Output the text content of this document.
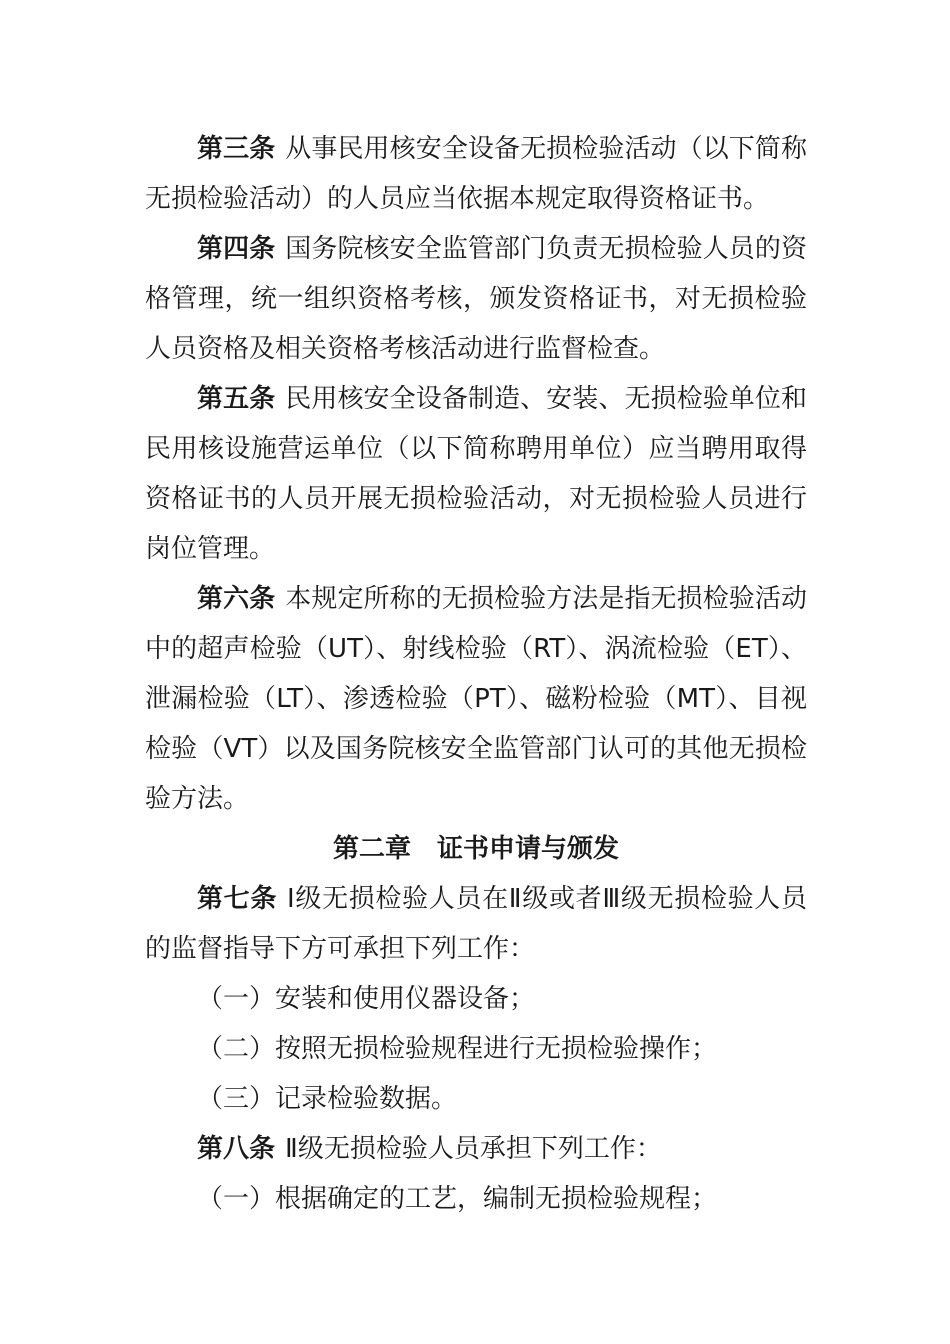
第三条 从事民用核安全设备无损检验活动（以下简称无损检验活动）的人员应当依据本规定取得资格证书。

第四条 国务院核安全监管部门负责无损检验人员的资格管理，统一组织资格考核，颁发资格证书，对无损检验人员资格及相关资格考核活动进行监督检查。

第五条 民用核安全设备制造、安装、无损检验单位和民用核设施营运单位（以下简称聘用单位）应当聘用取得资格证书的人员开展无损检验活动，对无损检验人员进行岗位管理。

第六条 本规定所称的无损检验方法是指无损检验活动中的超声检验（UT）、射线检验（RT）、涡流检验（ET）、泄漏检验（LT）、渗透检验（PT）、磁粉检验（MT）、目视检验（VT）以及国务院核安全监管部门认可的其他无损检验方法。

第二章　证书申请与颁发

第七条 Ⅰ级无损检验人员在Ⅱ级或者Ⅲ级无损检验人员的监督指导下方可承担下列工作：

（一）安装和使用仪器设备；

（二）按照无损检验规程进行无损检验操作；

（三）记录检验数据。

第八条 Ⅱ级无损检验人员承担下列工作：

（一）根据确定的工艺，编制无损检验规程；
